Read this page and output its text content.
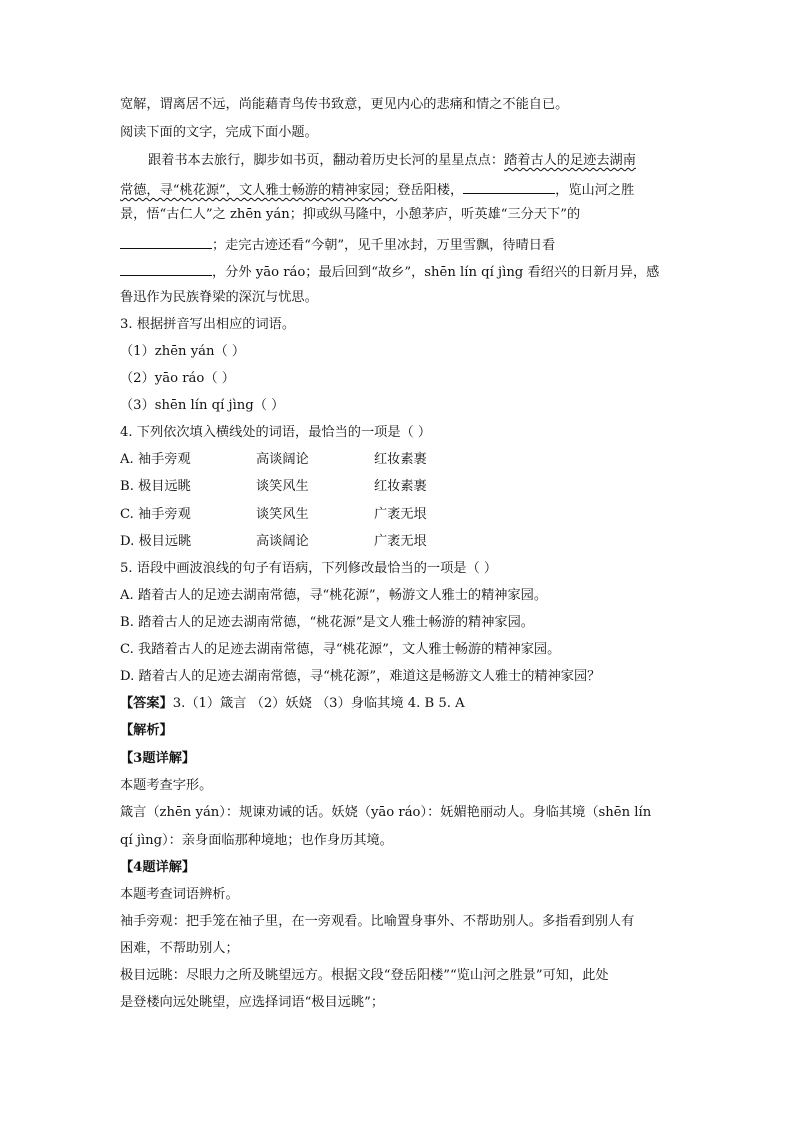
宽解，谓离居不远，尚能藉青鸟传书致意，更见内心的悲痛和情之不能自已。
阅读下面的文字，完成下面小题。
跟着书本去旅行，脚步如书页，翻动着历史长河的星星点点：踏着古人的足迹去湖南
常德，寻“桃花源”，文人雅士畅游的精神家园；登岳阳楼，	，览山河之胜
景，悟“古仁人”之 zhēn yán；抑或纵马隆中，小憩茅庐，听英雄“三分天下”的
；走完古迹还看“今朝”，见千里冰封，万里雪飘，待晴日看
，分外 yāo ráo；最后回到“故乡”，shēn lín qí jìng 看绍兴的日新月异，感
鲁迅作为民族脊梁的深沉与忧思。
3. 根据拼音写出相应的词语。
（1）zhēn yán（ ）
（2）yāo ráo（ ）
（3）shēn lín qí jìng（ ）
4. 下列依次填入横线处的词语，最恰当的一项是（ ）
A. 袖手旁观	高谈阔论	红妆素裹
B. 极目远眺	谈笑风生	红妆素裹
C. 袖手旁观	谈笑风生	广袤无垠
D. 极目远眺	高谈阔论	广袤无垠
5. 语段中画波浪线的句子有语病，下列修改最恰当的一项是（ ）
A. 踏着古人的足迹去湖南常德，寻“桃花源”，畅游文人雅士的精神家园。
B. 踏着古人的足迹去湖南常德，“桃花源”是文人雅士畅游的精神家园。
C. 我踏着古人的足迹去湖南常德，寻“桃花源”，文人雅士畅游的精神家园。
D. 踏着古人的足迹去湖南常德，寻“桃花源”，难道这是畅游文人雅士的精神家园？
【答案】3.（1）箴言 （2）妖娆 （3）身临其境 4. B 5. A
【解析】
【3题详解】
本题考查字形。
箴言（zhēn yán）：规谏劝诫的话。妖娆（yāo ráo）：妩媚艳丽动人。身临其境（shēn lín
qí jìng）：亲身面临那种境地；也作身历其境。
【4题详解】
本题考查词语辨析。
袖手旁观：把手笼在袖子里，在一旁观看。比喻置身事外、不帮助别人。多指看到别人有
困难，不帮助别人；
极目远眺：尽眼力之所及眺望远方。根据文段“登岳阳楼”“览山河之胜景”可知，此处
是登楼向远处眺望，应选择词语“极目远眺”；
